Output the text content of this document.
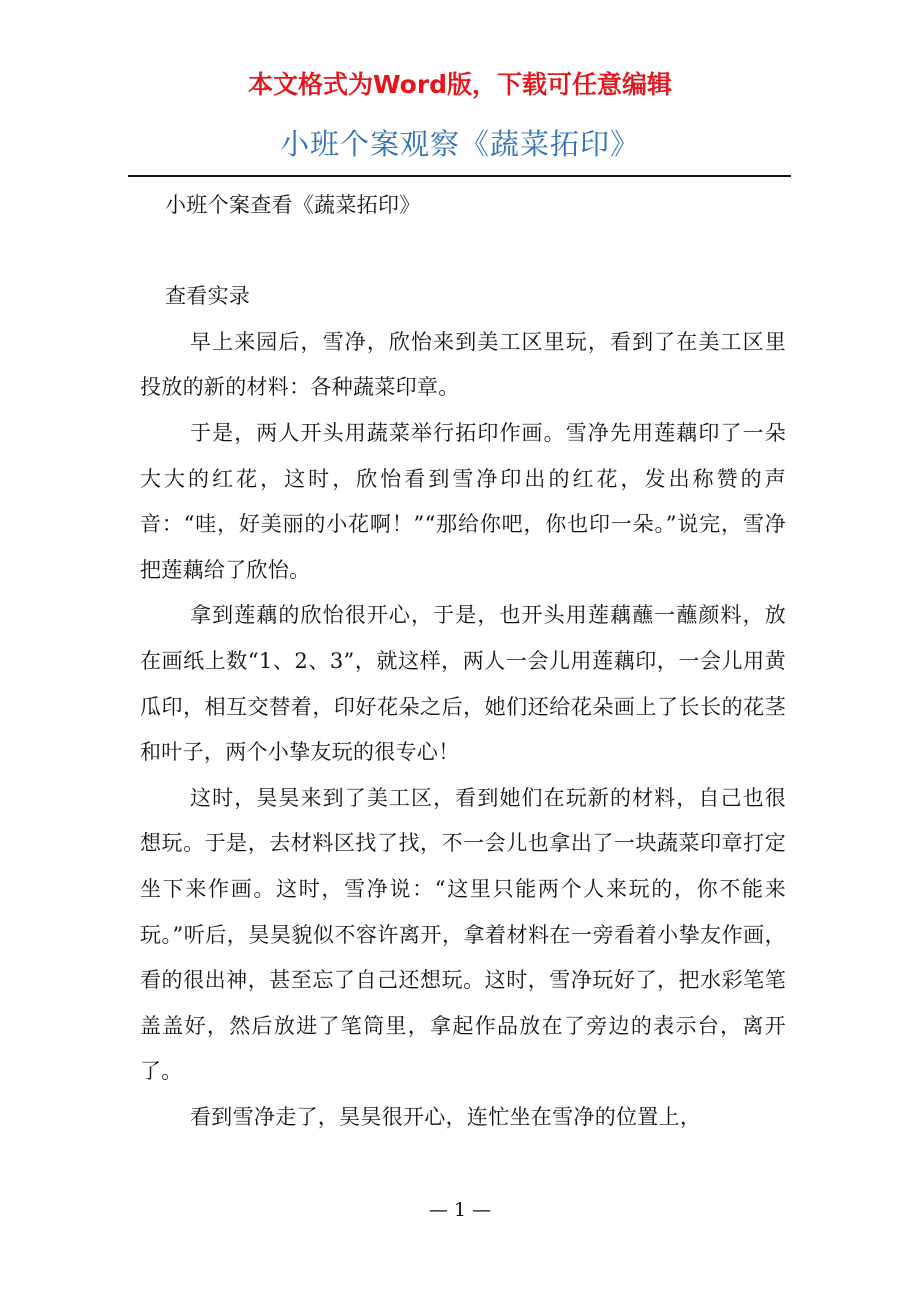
本文格式为Word版，下载可任意编辑
小班个案观察《蔬菜拓印》

小班个案查看《蔬菜拓印》

查看实录

早上来园后，雪净，欣怡来到美工区里玩，看到了在美工区里投放的新的材料：各种蔬菜印章。

于是，两人开头用蔬菜举行拓印作画。雪净先用莲藕印了一朵大大的红花，这时，欣怡看到雪净印出的红花，发出称赞的声音：“哇，好美丽的小花啊！”“那给你吧，你也印一朵。”说完，雪净把莲藕给了欣怡。

拿到莲藕的欣怡很开心，于是，也开头用莲藕蘸一蘸颜料，放在画纸上数“1、2、3”，就这样，两人一会儿用莲藕印，一会儿用黄瓜印，相互交替着，印好花朵之后，她们还给花朵画上了长长的花茎和叶子，两个小挚友玩的很专心！

这时，昊昊来到了美工区，看到她们在玩新的材料，自己也很想玩。于是，去材料区找了找，不一会儿也拿出了一块蔬菜印章打定坐下来作画。这时，雪净说：“这里只能两个人来玩的，你不能来玩。”听后，昊昊貌似不容许离开，拿着材料在一旁看着小挚友作画，看的很出神，甚至忘了自己还想玩。这时，雪净玩好了，把水彩笔笔盖盖好，然后放进了笔筒里，拿起作品放在了旁边的表示台，离开了。

看到雪净走了，昊昊很开心，连忙坐在雪净的位置上，

— 1 —
